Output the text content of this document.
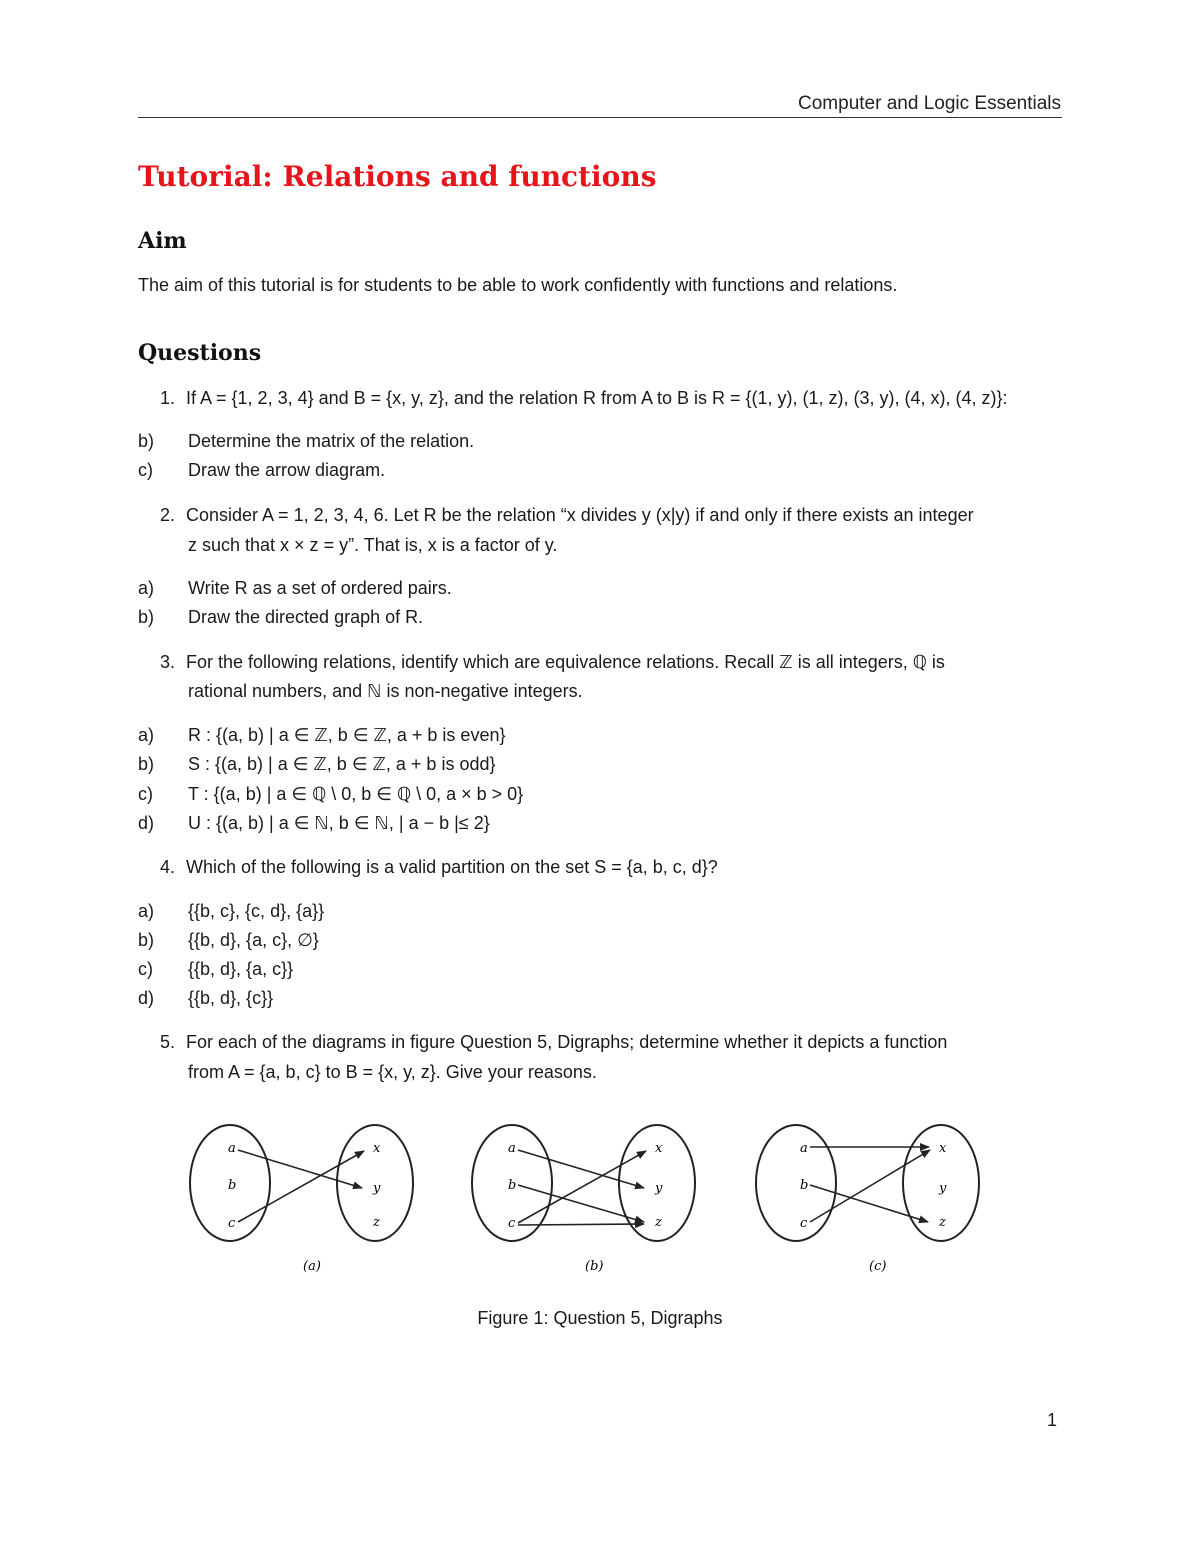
Computer and Logic Essentials
Tutorial: Relations and functions
Aim

The aim of this tutorial is for students to be able to work confidently with functions and relations.

Questions

1. If A = {1, 2, 3, 4} and B = {x, y, z}, and the relation R from A to B is R = {(1, y), (1, z), (3, y), (4, x), (4, z)}:

b) Determine the matrix of the relation.

c) Draw the arrow diagram.

2. Consider A = 1, 2, 3, 4, 6. Let R be the relation “x divides y (x|y) if and only if there exists an integer

z such that x × z = y”. That is, x is a factor of y.

a) Write R as a set of ordered pairs.

b) Draw the directed graph of R.

3. For the following relations, identify which are equivalence relations. Recall ℤ is all integers, ℚ is

rational numbers, and ℕ is non-negative integers.

a) R : {(a, b) | a ∈ ℤ, b ∈ ℤ, a + b is even}

b) S : {(a, b) | a ∈ ℤ, b ∈ ℤ, a + b is odd}

c) T : {(a, b) | a ∈ ℚ \ 0, b ∈ ℚ \ 0, a × b > 0}

d) U : {(a, b) | a ∈ ℕ, b ∈ ℕ, | a − b |≤ 2}

4. Which of the following is a valid partition on the set S = {a, b, c, d}?

a) {{b, c}, {c, d}, {a}}

b) {{b, d}, {a, c}, ∅}

c) {{b, d}, {a, c}}

d) {{b, d}, {c}}

5. For each of the diagrams in figure Question 5, Digraphs; determine whether it depicts a function

from A = {a, b, c} to B = {x, y, z}. Give your reasons.

a
b
c
x
y
z
(a)
a
b
c
x
y
z
(b)
a
b
c
x
y
z
(c)

Figure 1: Question 5, Digraphs

1
